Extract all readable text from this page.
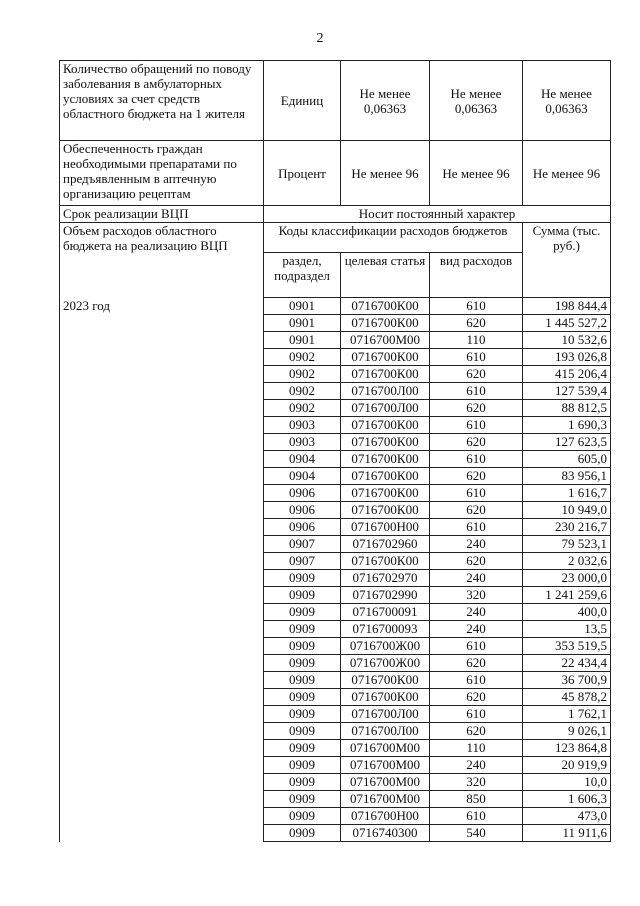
2
Количество обращений по поводу заболевания в амбулаторных условиях за счет средств областного бюджета на 1 жителя	Единиц	Не менее 0,06363	Не менее 0,06363	Не менее 0,06363
Обеспеченность граждан необходимыми препаратами по предъявленным в аптечную организацию рецептам	Процент	Не менее 96	Не менее 96	Не менее 96
Срок реализации ВЦП	Носит постоянный характер			
Объем расходов областного бюджета на реализацию ВЦП	Коды классификации расходов бюджетов			Сумма (тыс. руб.)
	раздел, подраздел	целевая статья	вид расходов	
2023 год	0901	0716700К00	610	198 844,4
	0901	0716700К00	620	1 445 527,2
	0901	0716700М00	110	10 532,6
	0902	0716700К00	610	193 026,8
	0902	0716700К00	620	415 206,4
	0902	0716700Л00	610	127 539,4
	0902	0716700Л00	620	88 812,5
	0903	0716700К00	610	1 690,3
	0903	0716700К00	620	127 623,5
	0904	0716700К00	610	605,0
	0904	0716700К00	620	83 956,1
	0906	0716700К00	610	1 616,7
	0906	0716700К00	620	10 949,0
	0906	0716700Н00	610	230 216,7
	0907	0716702960	240	79 523,1
	0907	0716700К00	620	2 032,6
	0909	0716702970	240	23 000,0
	0909	0716702990	320	1 241 259,6
	0909	0716700091	240	400,0
	0909	0716700093	240	13,5
	0909	0716700Ж00	610	353 519,5
	0909	0716700Ж00	620	22 434,4
	0909	0716700К00	610	36 700,9
	0909	0716700К00	620	45 878,2
	0909	0716700Л00	610	1 762,1
	0909	0716700Л00	620	9 026,1
	0909	0716700М00	110	123 864,8
	0909	0716700М00	240	20 919,9
	0909	0716700М00	320	10,0
	0909	0716700М00	850	1 606,3
	0909	0716700Н00	610	473,0
	0909	0716740300	540	11 911,6
